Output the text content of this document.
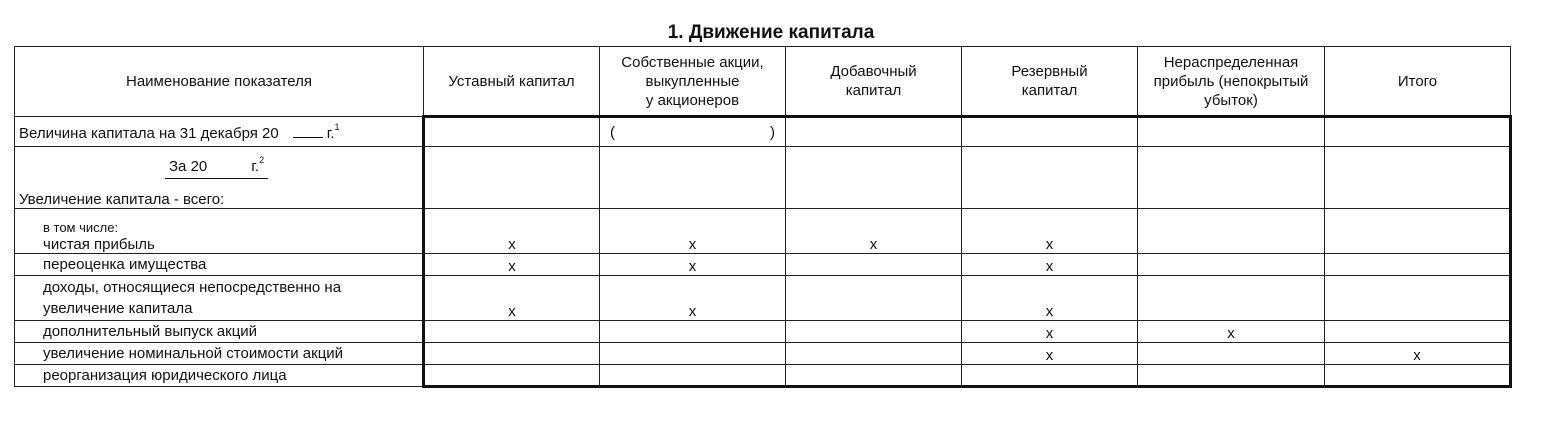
1. Движение капитала
Наименование показателя	Уставный капитал	Собственные акции,
выкупленные
у акционеров	Добавочный
капитал	Резервный
капитал	Нераспределенная
прибыль (непокрытый
убыток)	Итого
Величина капитала на 31 декабря 20 г.$^1$		( )				

За 20 г.$^2$
Увеличение капитала - всего:						
в том числе:
чистая прибыль	x	x	x	x		
переоценка имущества	x	x		x		
доходы, относящиеся непосредственно на
увеличение капитала	x	x		x		
дополнительный выпуск акций				x	x	
увеличение номинальной стоимости акций				x		x
реорганизация юридического лица						
